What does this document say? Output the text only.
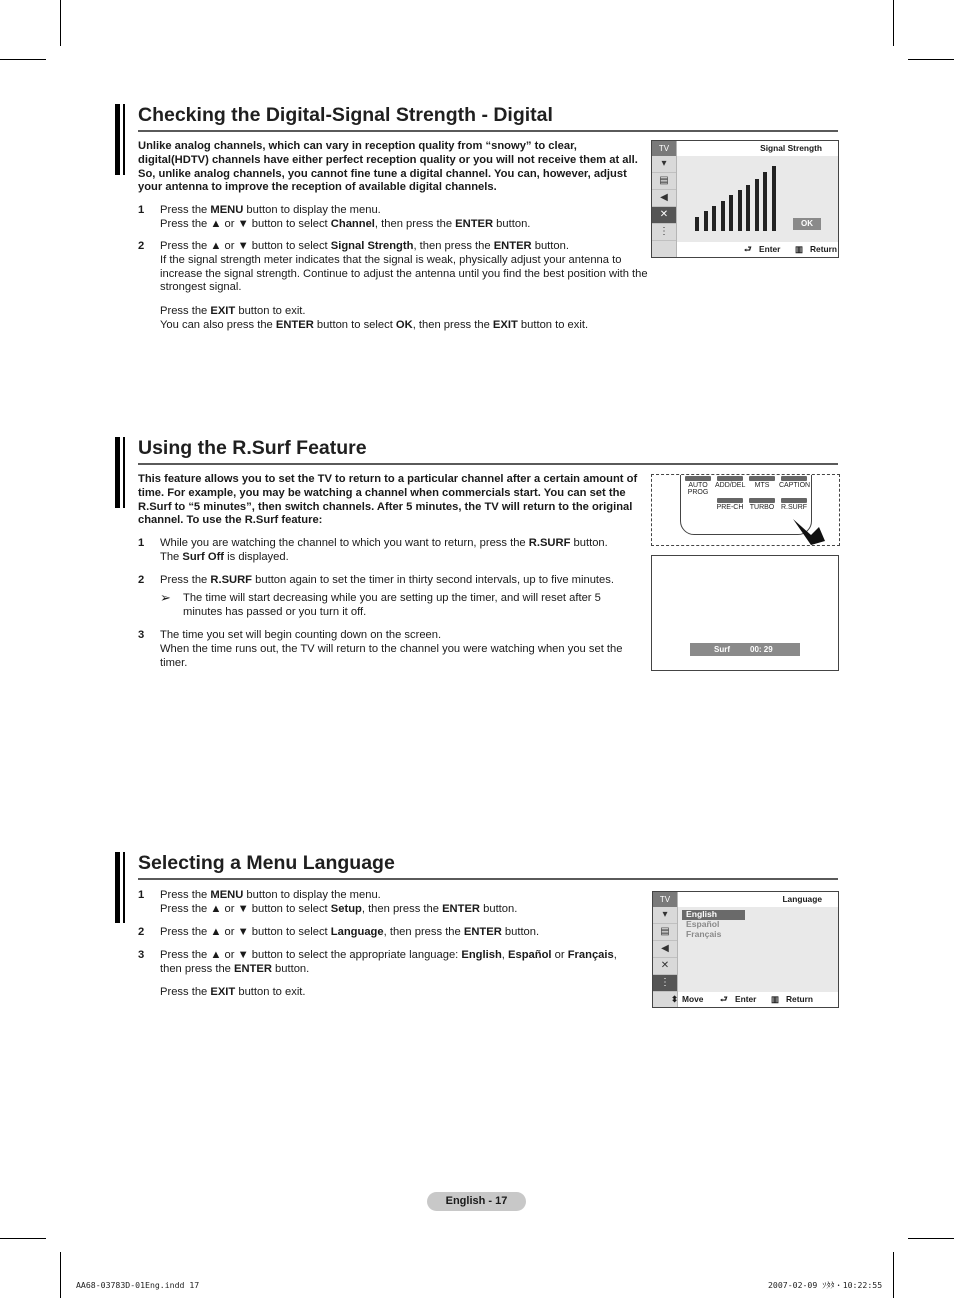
Checking the Digital-Signal Strength - Digital
Unlike analog channels, which can vary in reception quality from “snowy” to clear, digital(HDTV) channels have either perfect reception quality or you will not receive them at all. So, unlike analog channels, you cannot fine tune a digital channel. You can, however, adjust your antenna to improve the reception of available digital channels.
1 Press the MENU button to display the menu.
Press the ▲ or ▼ button to select Channel, then press the ENTER button.
2 Press the ▲ or ▼ button to select Signal Strength, then press the ENTER button.
If the signal strength meter indicates that the signal is weak, physically adjust your antenna to increase the signal strength. Continue to adjust the antenna until you find the best position with the strongest signal.
Press the EXIT button to exit.
You can also press the ENTER button to select OK, then press the EXIT button to exit.
TV
▾
▤
◀
✕
⋮
Signal Strength
OK
⮐ Enter ▥ Return
Using the R.Surf Feature
This feature allows you to set the TV to return to a particular channel after a certain amount of time. For example, you may be watching a channel when commercials start. You can set the R.Surf to “5 minutes”, then switch channels. After 5 minutes, the TV will return to the original channel. To use the R.Surf feature:
1 While you are watching the channel to which you want to return, press the R.SURF button.
The Surf Off is displayed.
2 Press the R.SURF button again to set the timer in thirty second intervals, up to five minutes.
➢ The time will start decreasing while you are setting up the timer, and will reset after 5 minutes has passed or you turn it off.
3 The time you set will begin counting down on the screen.
When the time runs out, the TV will return to the channel you were watching when you set the timer.
AUTO PROG
ADD/DEL	MTS	CAPTION
PRE-CH TURBO R.SURF
Surf	00: 29
Selecting a Menu Language
1 Press the MENU button to display the menu.
Press the ▲ or ▼ button to select Setup, then press the ENTER button.
2 Press the ▲ or ▼ button to select Language, then press the ENTER button.
3 Press the ▲ or ▼ button to select the appropriate language: English, Español or Français,
then press the ENTER button.
Press the EXIT button to exit.
TV
▾
▤
◀
✕
⋮
Language
English
Español
Français
⬍ Move ⮐ Enter ▥ Return
English - 17
AA68-03783D-01Eng.indd 17	2007-02-09 ｿﾀﾀ・10:22:55
